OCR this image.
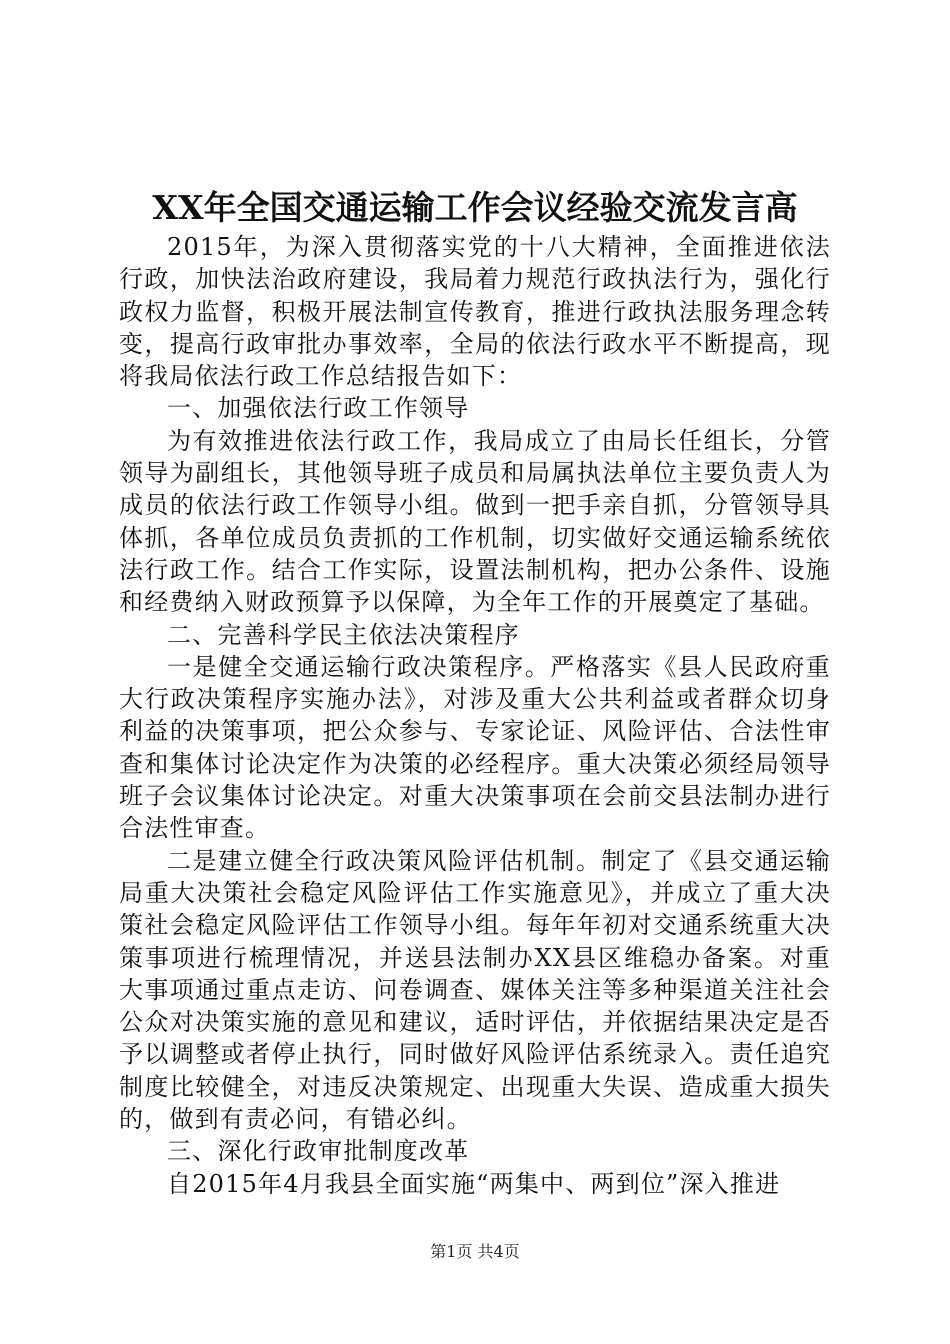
XX年全国交通运输工作会议经验交流发言高

2015年，为深入贯彻落实党的十八大精神，全面推进依法行政，加快法治政府建设，我局着力规范行政执法行为，强化行政权力监督，积极开展法制宣传教育，推进行政执法服务理念转变，提高行政审批办事效率，全局的依法行政水平不断提高，现将我局依法行政工作总结报告如下：

一、加强依法行政工作领导

为有效推进依法行政工作，我局成立了由局长任组长，分管领导为副组长，其他领导班子成员和局属执法单位主要负责人为成员的依法行政工作领导小组。做到一把手亲自抓，分管领导具体抓，各单位成员负责抓的工作机制，切实做好交通运输系统依法行政工作。结合工作实际，设置法制机构，把办公条件、设施和经费纳入财政预算予以保障，为全年工作的开展奠定了基础。

二、完善科学民主依法决策程序

一是健全交通运输行政决策程序。严格落实《县人民政府重大行政决策程序实施办法》，对涉及重大公共利益或者群众切身利益的决策事项，把公众参与、专家论证、风险评估、合法性审查和集体讨论决定作为决策的必经程序。重大决策必须经局领导班子会议集体讨论决定。对重大决策事项在会前交县法制办进行合法性审查。

二是建立健全行政决策风险评估机制。制定了《县交通运输局重大决策社会稳定风险评估工作实施意见》，并成立了重大决策社会稳定风险评估工作领导小组。每年年初对交通系统重大决策事项进行梳理情况，并送县法制办XX县区维稳办备案。对重大事项通过重点走访、问卷调查、媒体关注等多种渠道关注社会公众对决策实施的意见和建议，适时评估，并依据结果决定是否予以调整或者停止执行，同时做好风险评估系统录入。责任追究制度比较健全，对违反决策规定、出现重大失误、造成重大损失的，做到有责必问，有错必纠。

三、深化行政审批制度改革

自2015年4月我县全面实施“两集中、两到位”深入推进

第1页 共4页
